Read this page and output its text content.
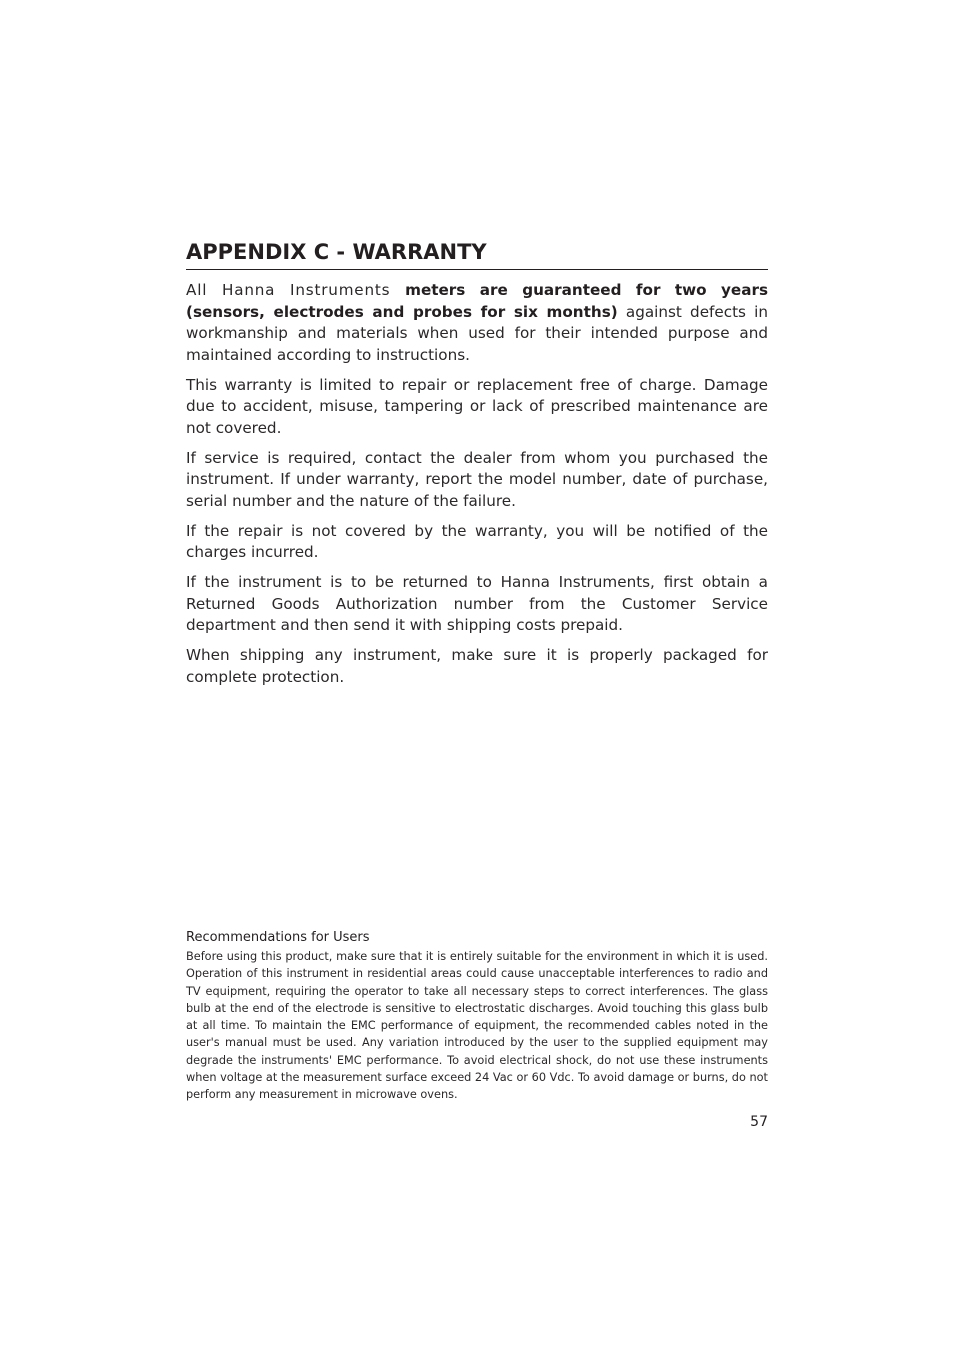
APPENDIX C - WARRANTY

All Hanna Instruments meters are guaranteed for two years (sensors, electrodes and probes for six months) against defects in workmanship and materials when used for their intended purpose and maintained according to instructions.

This warranty is limited to repair or replacement free of charge. Damage due to accident, misuse, tampering or lack of prescribed maintenance are not covered.

If service is required, contact the dealer from whom you purchased the instrument. If under warranty, report the model number, date of purchase, serial number and the nature of the failure.

If the repair is not covered by the warranty, you will be notified of the charges incurred.

If the instrument is to be returned to Hanna Instruments, first obtain a Returned Goods Authorization number from the Customer Service department and then send it with shipping costs prepaid.

When shipping any instrument, make sure it is properly packaged for complete protection.

Recommendations for Users

Before using this product, make sure that it is entirely suitable for the environment in which it is used. Operation of this instrument in residential areas could cause unacceptable interferences to radio and TV equipment, requiring the operator to take all necessary steps to correct interferences. The glass bulb at the end of the electrode is sensitive to electrostatic discharges. Avoid touching this glass bulb at all time. To maintain the EMC performance of equipment, the recommended cables noted in the user's manual must be used. Any variation introduced by the user to the supplied equipment may degrade the instruments' EMC performance. To avoid electrical shock, do not use these instruments when voltage at the measurement surface exceed 24 Vac or 60 Vdc. To avoid damage or burns, do not perform any measurement in microwave ovens.

57
